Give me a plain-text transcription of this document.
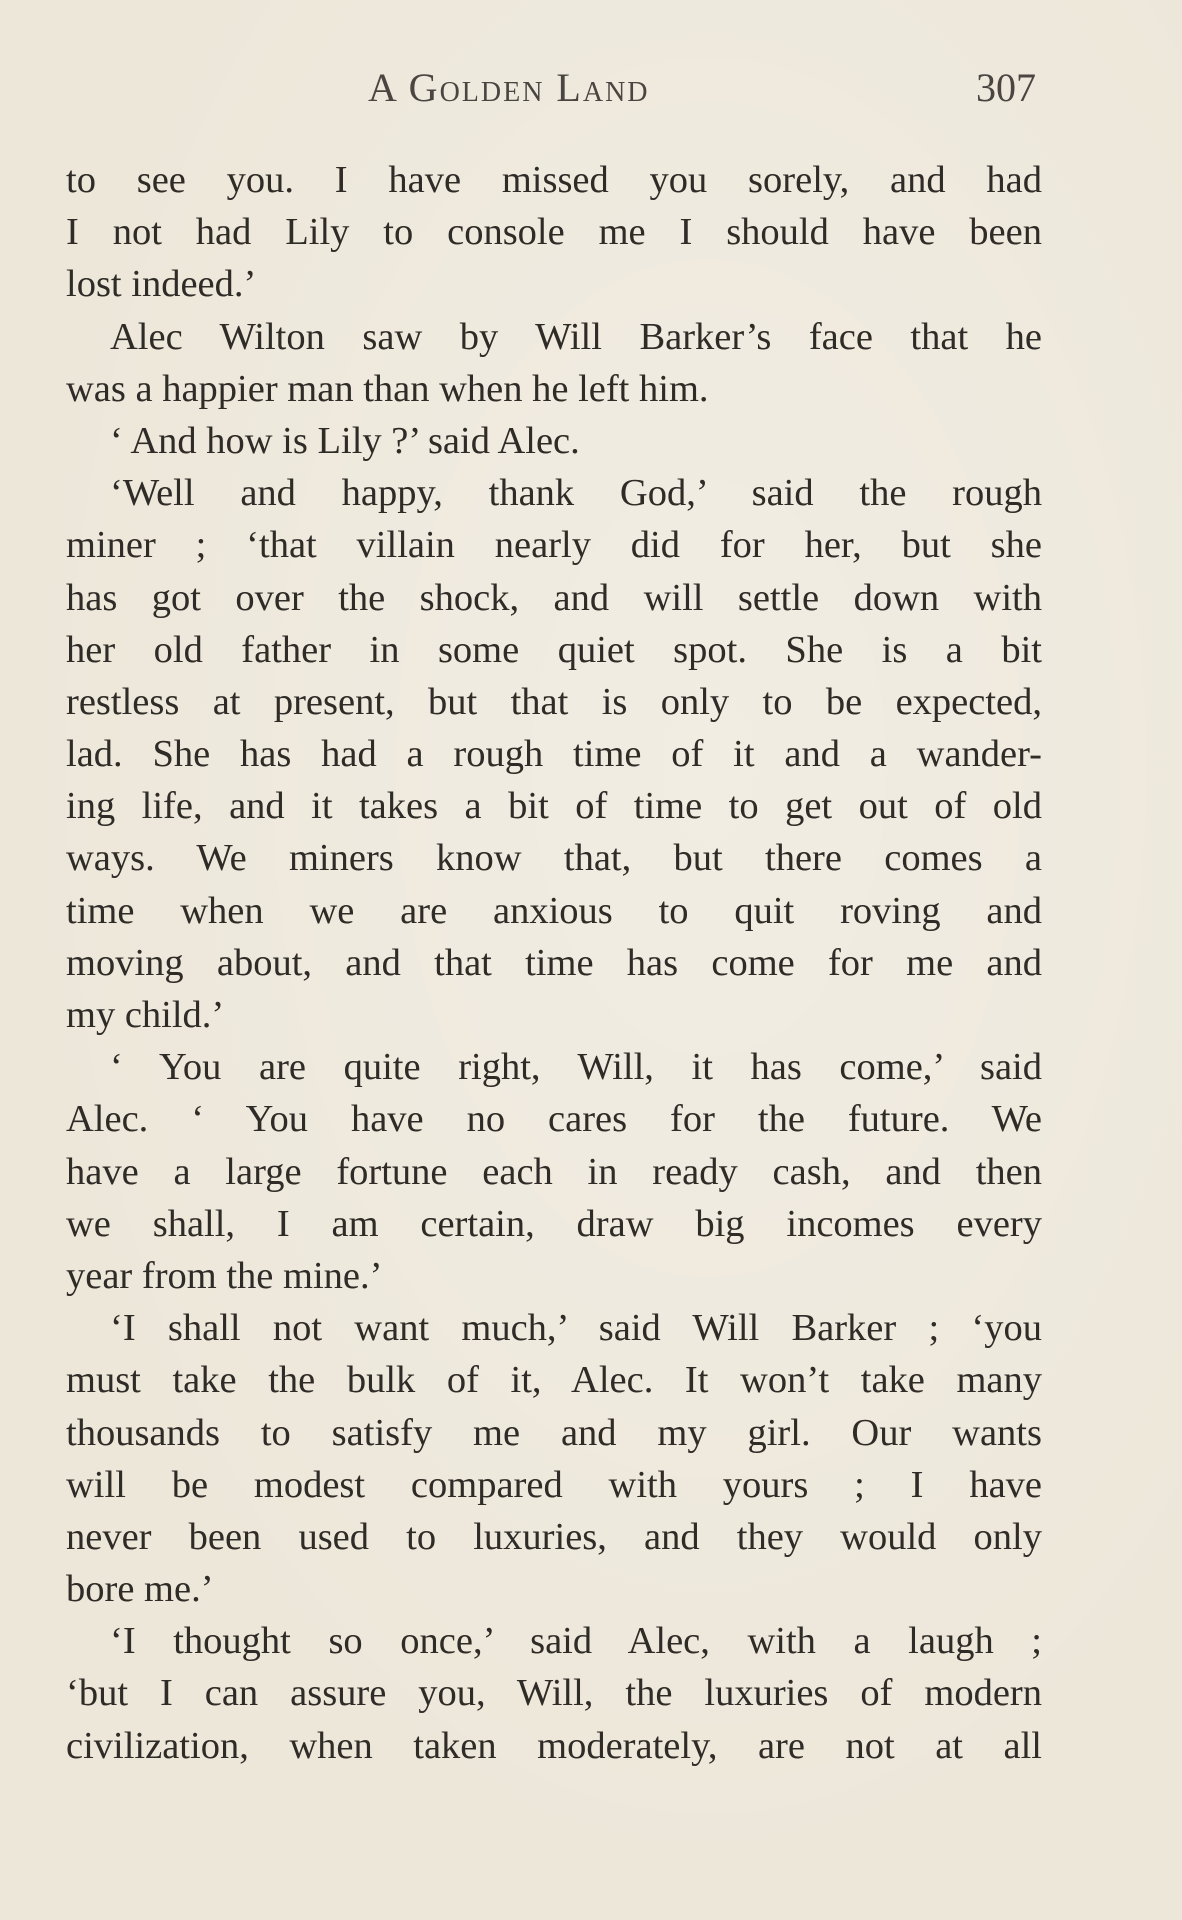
A Golden Land	307
to see you. I have missed you sorely, and had
I not had Lily to console me I should have been
lost indeed.’
Alec Wilton saw by Will Barker’s face that he
was a happier man than when he left him.
‘ And how is Lily ?’ said Alec.
‘Well and happy, thank God,’ said the rough
miner ; ‘that villain nearly did for her, but she
has got over the shock, and will settle down with
her old father in some quiet spot. She is a bit
restless at present, but that is only to be expected,
lad. She has had a rough time of it and a wander-
ing life, and it takes a bit of time to get out of old
ways. We miners know that, but there comes a
time when we are anxious to quit roving and
moving about, and that time has come for me and
my child.’
‘ You are quite right, Will, it has come,’ said
Alec. ‘ You have no cares for the future. We
have a large fortune each in ready cash, and then
we shall, I am certain, draw big incomes every
year from the mine.’
‘I shall not want much,’ said Will Barker ; ‘you
must take the bulk of it, Alec. It won’t take many
thousands to satisfy me and my girl. Our wants
will be modest compared with yours ; I have
never been used to luxuries, and they would only
bore me.’
‘I thought so once,’ said Alec, with a laugh ;
‘but I can assure you, Will, the luxuries of modern
civilization, when taken moderately, are not at all
